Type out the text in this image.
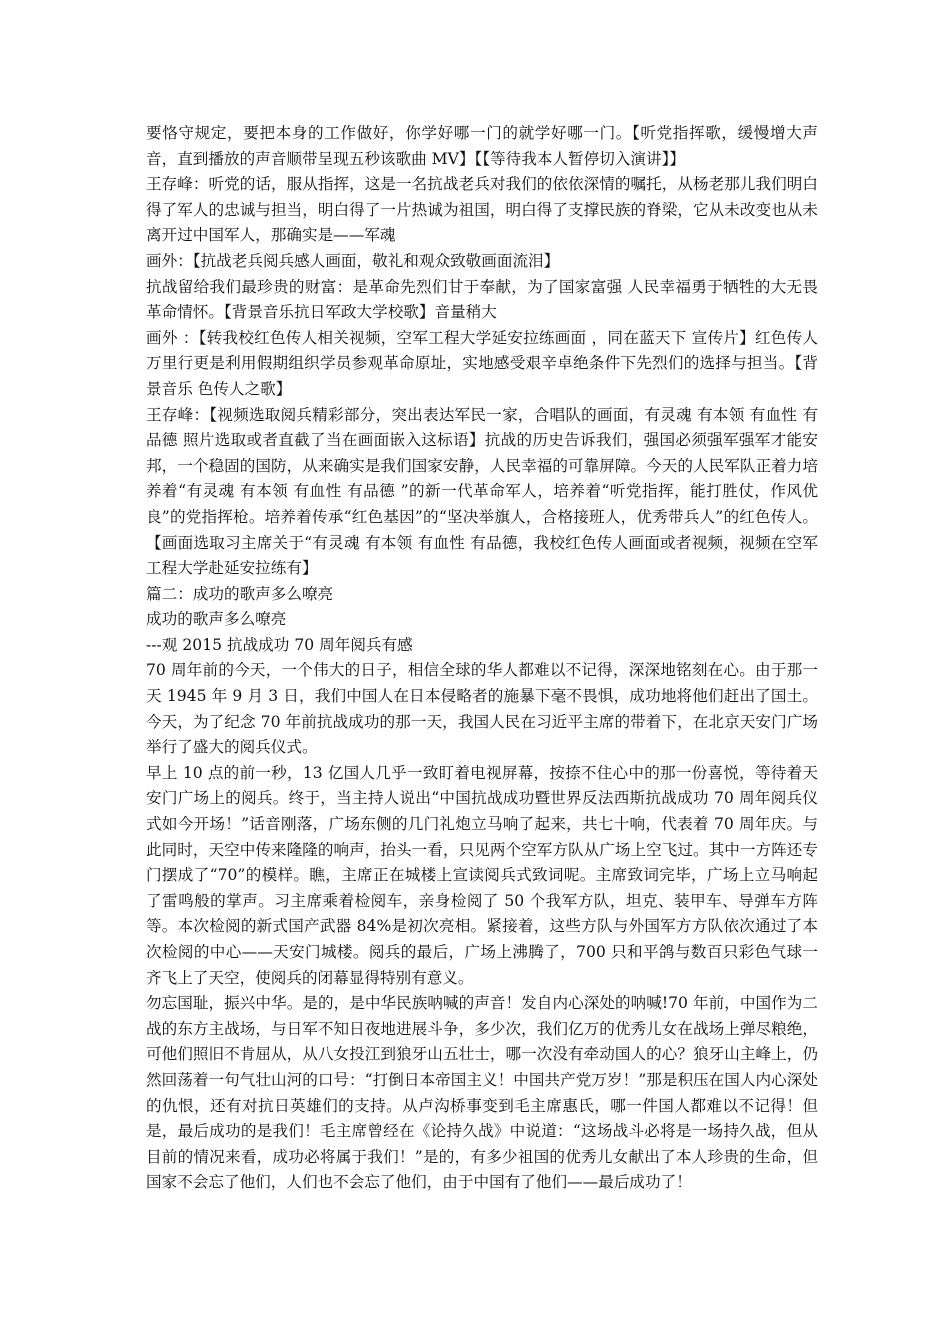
要恪守规定，要把本身的工作做好，你学好哪一门的就学好哪一门。【听党指挥歌，缓慢增大声音，直到播放的声音顺带呈现五秒该歌曲 MV】【【等待我本人暂停切入演讲】】

王存峰：听党的话，服从指挥，这是一名抗战老兵对我们的依依深情的嘱托，从杨老那儿我们明白得了军人的忠诚与担当，明白得了一片热诚为祖国，明白得了支撑民族的脊梁，它从未改变也从未离开过中国军人，那确实是——军魂

画外：【抗战老兵阅兵感人画面，敬礼和观众致敬画面流泪】

抗战留给我们最珍贵的财富：是革命先烈们甘于奉献，为了国家富强 人民幸福勇于牺牲的大无畏革命情怀。【背景音乐抗日军政大学校歌】音量稍大

画外 ：【转我校红色传人相关视频，空军工程大学延安拉练画面 ，同在蓝天下 宣传片】红色传人万里行更是利用假期组织学员参观革命原址，实地感受艰辛卓绝条件下先烈们的选择与担当。【背景音乐 色传人之歌】

王存峰：【视频选取阅兵精彩部分，突出表达军民一家，合唱队的画面，有灵魂 有本领 有血性 有品德 照片选取或者直截了当在画面嵌入这标语】抗战的历史告诉我们，强国必须强军强军才能安邦，一个稳固的国防，从来确实是我们国家安静，人民幸福的可靠屏障。今天的人民军队正着力培养着“有灵魂 有本领 有血性 有品德 ”的新一代革命军人，培养着“听党指挥，能打胜仗，作风优良”的党指挥枪。培养着传承“红色基因”的“坚决举旗人，合格接班人，优秀带兵人”的红色传人。【画面选取习主席关于“有灵魂 有本领 有血性 有品德，我校红色传人画面或者视频，视频在空军工程大学赴延安拉练有】

篇二：成功的歌声多么嘹亮

成功的歌声多么嘹亮

---观 2015 抗战成功 70 周年阅兵有感

70 周年前的今天，一个伟大的日子，相信全球的华人都难以不记得，深深地铭刻在心。由于那一天 1945 年 9 月 3 日，我们中国人在日本侵略者的施暴下毫不畏惧，成功地将他们赶出了国土。今天，为了纪念 70 年前抗战成功的那一天，我国人民在习近平主席的带着下，在北京天安门广场举行了盛大的阅兵仪式。

早上 10 点的前一秒，13 亿国人几乎一致盯着电视屏幕，按捺不住心中的那一份喜悦，等待着天安门广场上的阅兵。终于，当主持人说出“中国抗战成功暨世界反法西斯抗战成功 70 周年阅兵仪式如今开场！”话音刚落，广场东侧的几门礼炮立马响了起来，共七十响，代表着 70 周年庆。与此同时，天空中传来隆隆的响声，抬头一看，只见两个空军方队从广场上空飞过。其中一方阵还专门摆成了“70”的模样。瞧，主席正在城楼上宣读阅兵式致词呢。主席致词完毕，广场上立马响起了雷鸣般的掌声。习主席乘着检阅车，亲身检阅了 50 个我军方队，坦克、装甲车、导弹车方阵等。本次检阅的新式国产武器 84%是初次亮相。紧接着，这些方队与外国军方方队依次通过了本次检阅的中心——天安门城楼。阅兵的最后，广场上沸腾了，700 只和平鸽与数百只彩色气球一齐飞上了天空，使阅兵的闭幕显得特别有意义。

勿忘国耻，振兴中华。是的，是中华民族呐喊的声音！发自内心深处的呐喊!70 年前，中国作为二战的东方主战场，与日军不知日夜地进展斗争，多少次，我们亿万的优秀儿女在战场上弹尽粮绝，可他们照旧不肯屈从，从八女投江到狼牙山五壮士，哪一次没有牵动国人的心？狼牙山主峰上，仍然回荡着一句气壮山河的口号：“打倒日本帝国主义！中国共产党万岁！”那是积压在国人内心深处的仇恨，还有对抗日英雄们的支持。从卢沟桥事变到毛主席惠氏，哪一件国人都难以不记得！但是，最后成功的是我们！毛主席曾经在《论持久战》中说道：“这场战斗必将是一场持久战，但从目前的情况来看，成功必将属于我们！”是的，有多少祖国的优秀儿女献出了本人珍贵的生命，但国家不会忘了他们，人们也不会忘了他们，由于中国有了他们——最后成功了！
